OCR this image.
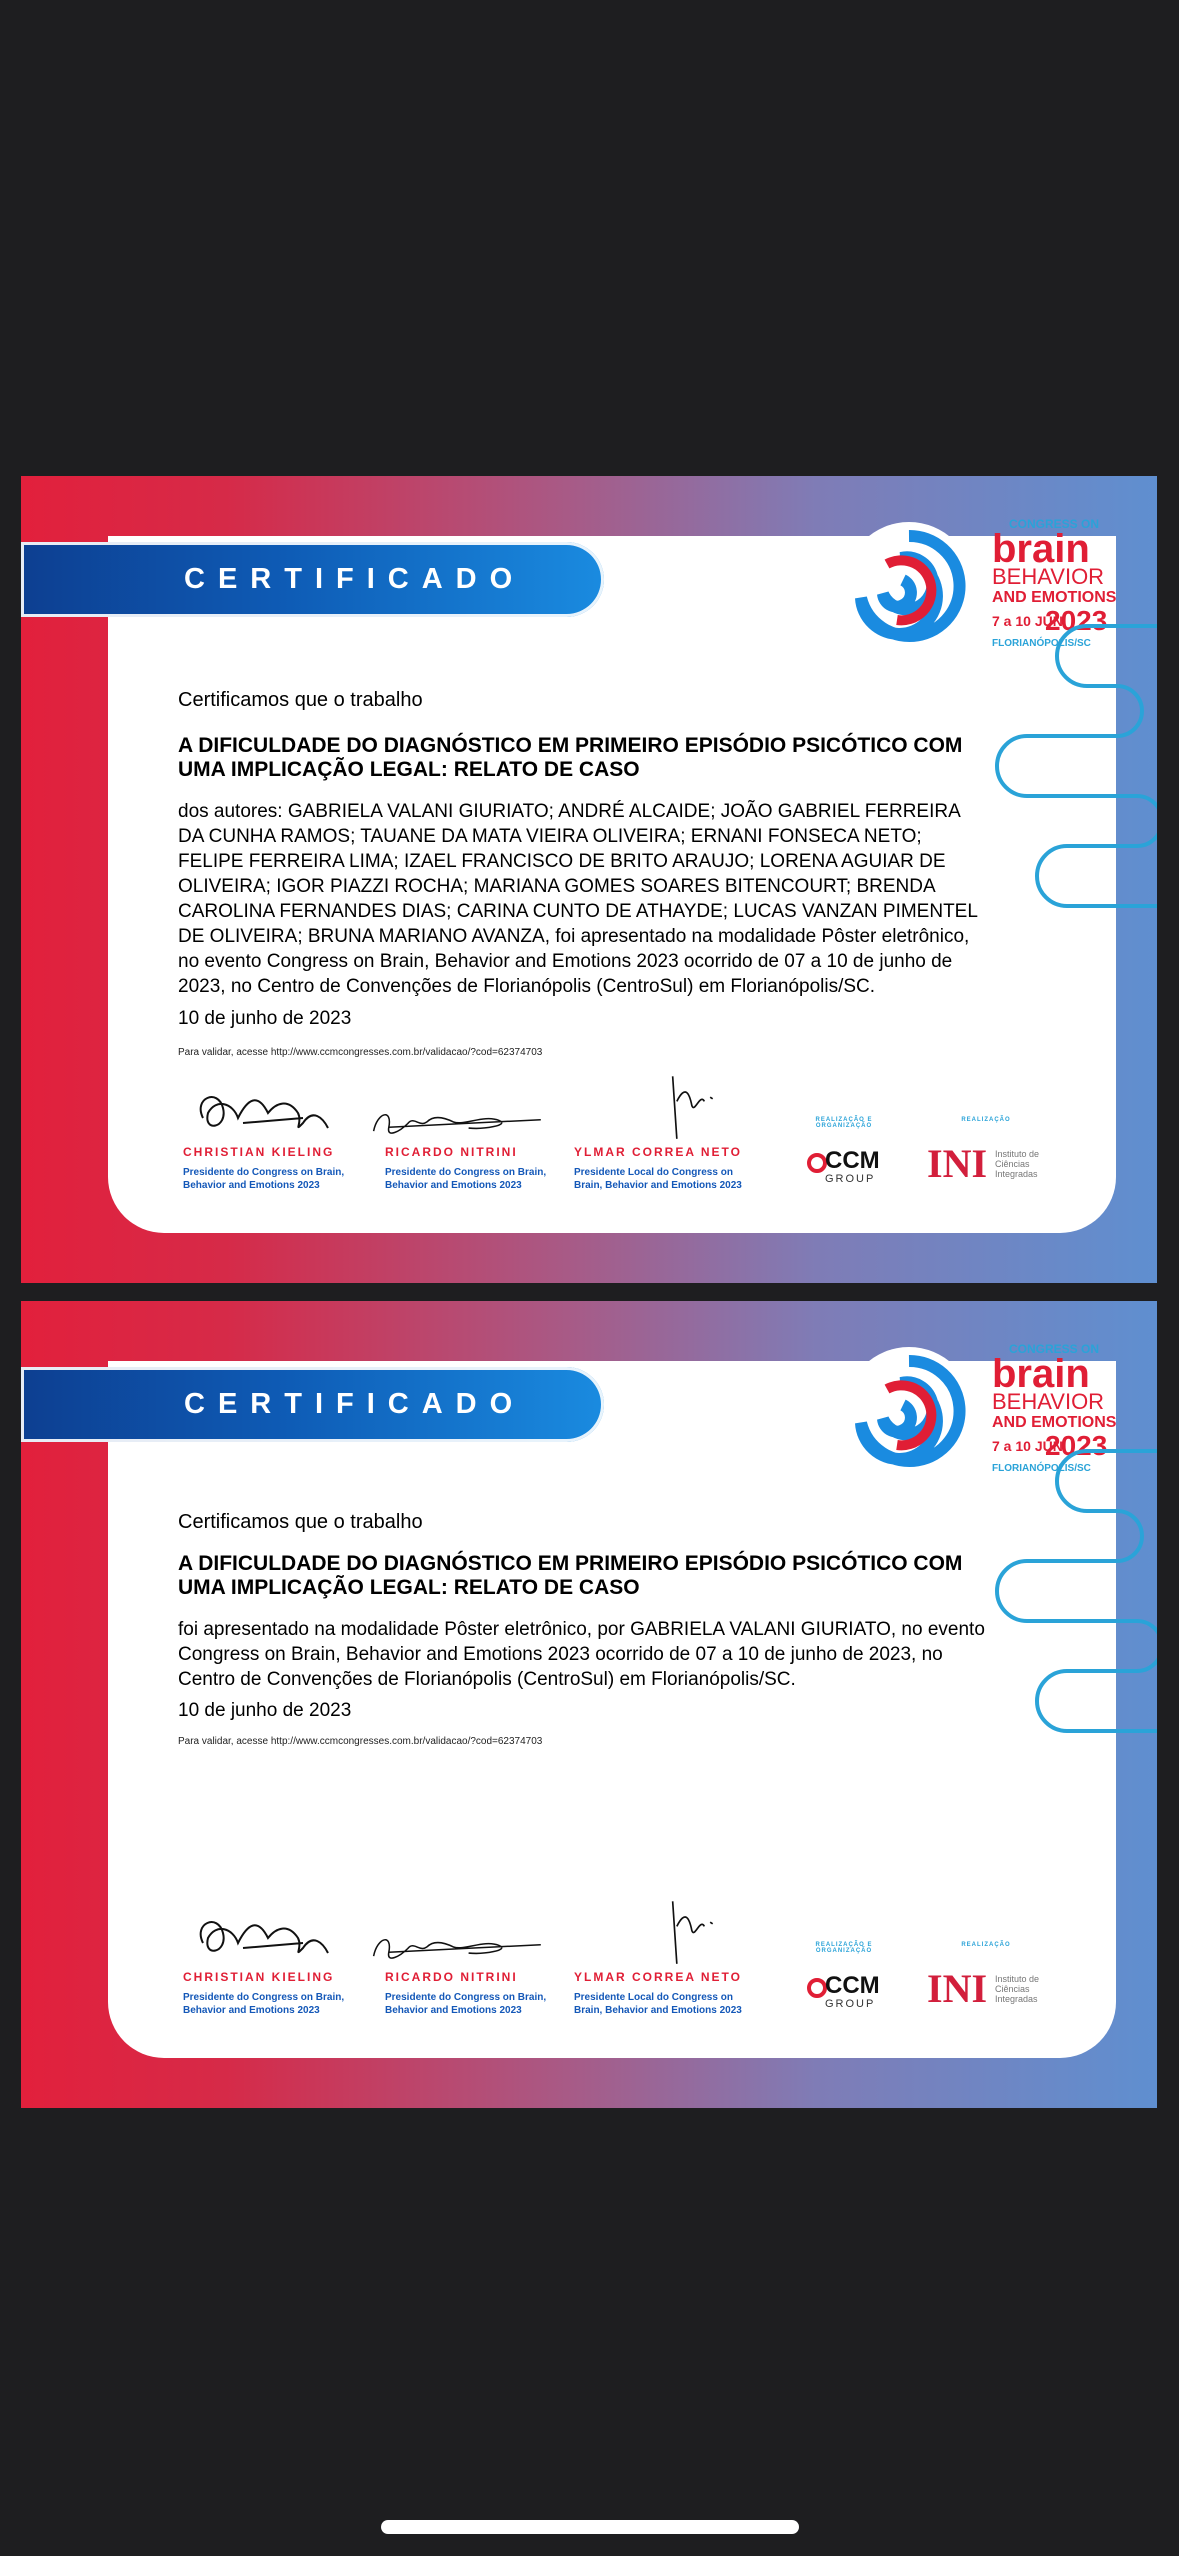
CERTIFICADO
CONGRESS ON
brain
BEHAVIOR
AND EMOTIONS
7 a 10 JUN
2023
FLORIANÓPOLIS/SC
Certificamos que o trabalho
A DIFICULDADE DO DIAGNÓSTICO EM PRIMEIRO EPISÓDIO PSICÓTICO COM UMA IMPLICAÇÃO LEGAL: RELATO DE CASO
dos autores: GABRIELA VALANI GIURIATO; ANDRÉ ALCAIDE; JOÃO GABRIEL FERREIRA DA CUNHA RAMOS; TAUANE DA MATA VIEIRA OLIVEIRA; ERNANI FONSECA NETO; FELIPE FERREIRA LIMA; IZAEL FRANCISCO DE BRITO ARAUJO; LORENA AGUIAR DE OLIVEIRA; IGOR PIAZZI ROCHA; MARIANA GOMES SOARES BITENCOURT; BRENDA CAROLINA FERNANDES DIAS; CARINA CUNTO DE ATHAYDE; LUCAS VANZAN PIMENTEL DE OLIVEIRA; BRUNA MARIANO AVANZA, foi apresentado na modalidade Pôster eletrônico, no evento Congress on Brain, Behavior and Emotions 2023 ocorrido de 07 a 10 de junho de 2023, no Centro de Convenções de Florianópolis (CentroSul) em Florianópolis/SC.
10 de junho de 2023
Para validar, acesse http://www.ccmcongresses.com.br/validacao/?cod=62374703
CHRISTIAN KIELING
Presidente do Congress on Brain, Behavior and Emotions 2023
RICARDO NITRINI
Presidente do Congress on Brain, Behavior and Emotions 2023
YLMAR CORREA NETO
Presidente Local do Congress on Brain, Behavior and Emotions 2023
REALIZAÇÃO E ORGANIZAÇÃO
CCM
GROUP
REALIZAÇÃO
INI Instituto de Ciências Integradas
CERTIFICADO
CONGRESS ON
brain
BEHAVIOR
AND EMOTIONS
7 a 10 JUN
2023
FLORIANÓPOLIS/SC
Certificamos que o trabalho
A DIFICULDADE DO DIAGNÓSTICO EM PRIMEIRO EPISÓDIO PSICÓTICO COM UMA IMPLICAÇÃO LEGAL: RELATO DE CASO
foi apresentado na modalidade Pôster eletrônico, por GABRIELA VALANI GIURIATO, no evento Congress on Brain, Behavior and Emotions 2023 ocorrido de 07 a 10 de junho de 2023, no Centro de Convenções de Florianópolis (CentroSul) em Florianópolis/SC.
10 de junho de 2023
Para validar, acesse http://www.ccmcongresses.com.br/validacao/?cod=62374703
CHRISTIAN KIELING
Presidente do Congress on Brain, Behavior and Emotions 2023
RICARDO NITRINI
Presidente do Congress on Brain, Behavior and Emotions 2023
YLMAR CORREA NETO
Presidente Local do Congress on Brain, Behavior and Emotions 2023
REALIZAÇÃO E ORGANIZAÇÃO
CCM
GROUP
REALIZAÇÃO
INI Instituto de Ciências Integradas
